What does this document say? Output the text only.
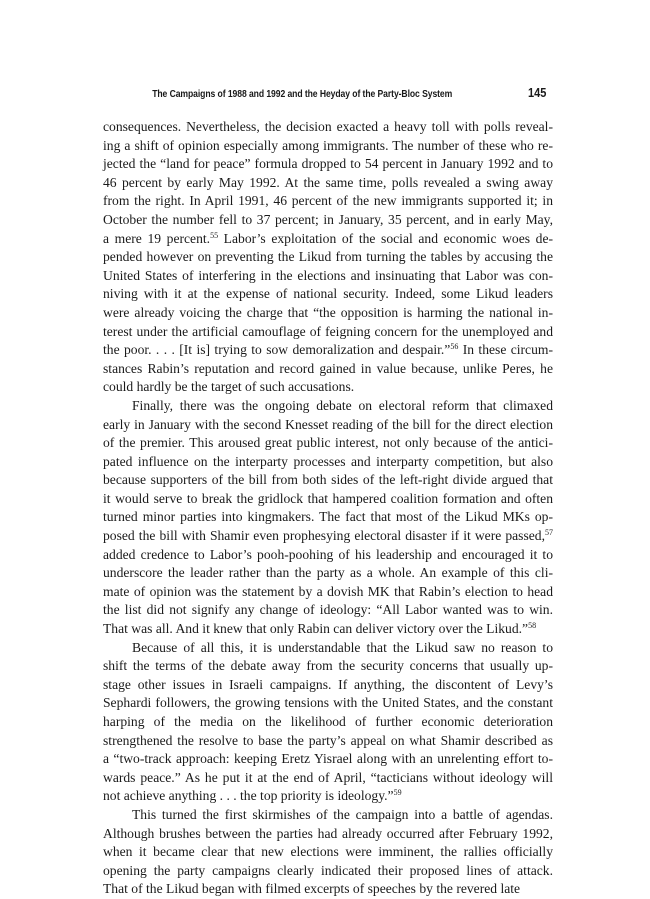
The Campaigns of 1988 and 1992 and the Heyday of the Party-Bloc System	145
consequences. Nevertheless, the decision exacted a heavy toll with polls reveal-
ing a shift of opinion especially among immigrants. The number of these who re-
jected the “land for peace” formula dropped to 54 percent in January 1992 and to
46 percent by early May 1992. At the same time, polls revealed a swing away
from the right. In April 1991, 46 percent of the new immigrants supported it; in
October the number fell to 37 percent; in January, 35 percent, and in early May,
a mere 19 percent.$^{55}$ Labor’s exploitation of the social and economic woes de-
pended however on preventing the Likud from turning the tables by accusing the
United States of interfering in the elections and insinuating that Labor was con-
niving with it at the expense of national security. Indeed, some Likud leaders
were already voicing the charge that “the opposition is harming the national in-
terest under the artificial camouflage of feigning concern for the unemployed and
the poor. . . . [It is] trying to sow demoralization and despair.”$^{56}$ In these circum-
stances Rabin’s reputation and record gained in value because, unlike Peres, he
could hardly be the target of such accusations.
Finally, there was the ongoing debate on electoral reform that climaxed
early in January with the second Knesset reading of the bill for the direct election
of the premier. This aroused great public interest, not only because of the antici-
pated influence on the interparty processes and interparty competition, but also
because supporters of the bill from both sides of the left-right divide argued that
it would serve to break the gridlock that hampered coalition formation and often
turned minor parties into kingmakers. The fact that most of the Likud MKs op-
posed the bill with Shamir even prophesying electoral disaster if it were passed,$^{57}$
added credence to Labor’s pooh-poohing of his leadership and encouraged it to
underscore the leader rather than the party as a whole. An example of this cli-
mate of opinion was the statement by a dovish MK that Rabin’s election to head
the list did not signify any change of ideology: “All Labor wanted was to win.
That was all. And it knew that only Rabin can deliver victory over the Likud.”$^{58}$
Because of all this, it is understandable that the Likud saw no reason to
shift the terms of the debate away from the security concerns that usually up-
stage other issues in Israeli campaigns. If anything, the discontent of Levy’s
Sephardi followers, the growing tensions with the United States, and the constant
harping of the media on the likelihood of further economic deterioration
strengthened the resolve to base the party’s appeal on what Shamir described as
a “two-track approach: keeping Eretz Yisrael along with an unrelenting effort to-
wards peace.” As he put it at the end of April, “tacticians without ideology will
not achieve anything . . . the top priority is ideology.”$^{59}$
This turned the first skirmishes of the campaign into a battle of agendas.
Although brushes between the parties had already occurred after February 1992,
when it became clear that new elections were imminent, the rallies officially
opening the party campaigns clearly indicated their proposed lines of attack.
That of the Likud began with filmed excerpts of speeches by the revered late
